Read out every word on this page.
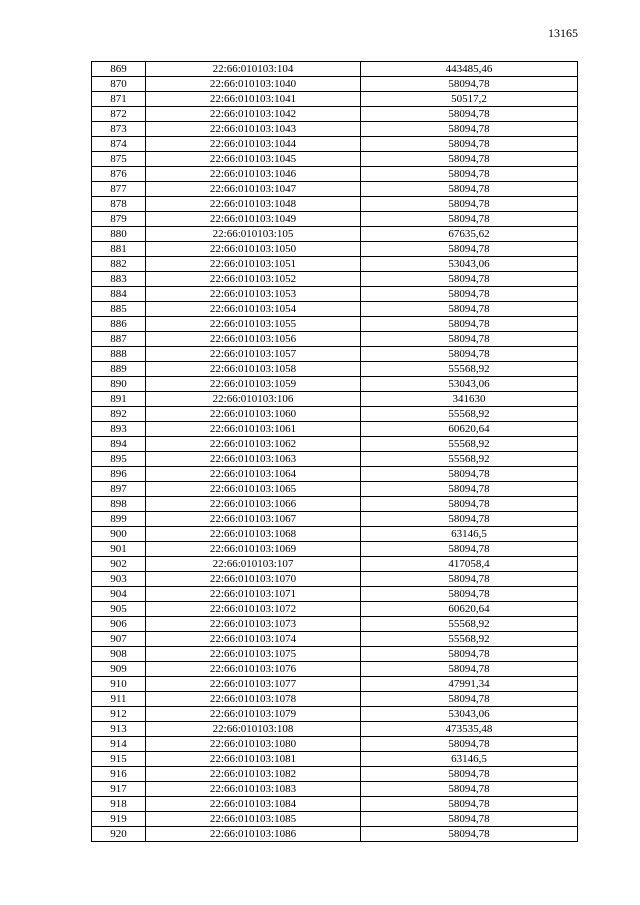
13165
869	22:66:010103:104	443485,46
870	22:66:010103:1040	58094,78
871	22:66:010103:1041	50517,2
872	22:66:010103:1042	58094,78
873	22:66:010103:1043	58094,78
874	22:66:010103:1044	58094,78
875	22:66:010103:1045	58094,78
876	22:66:010103:1046	58094,78
877	22:66:010103:1047	58094,78
878	22:66:010103:1048	58094,78
879	22:66:010103:1049	58094,78
880	22:66:010103:105	67635,62
881	22:66:010103:1050	58094,78
882	22:66:010103:1051	53043,06
883	22:66:010103:1052	58094,78
884	22:66:010103:1053	58094,78
885	22:66:010103:1054	58094,78
886	22:66:010103:1055	58094,78
887	22:66:010103:1056	58094,78
888	22:66:010103:1057	58094,78
889	22:66:010103:1058	55568,92
890	22:66:010103:1059	53043,06
891	22:66:010103:106	341630
892	22:66:010103:1060	55568,92
893	22:66:010103:1061	60620,64
894	22:66:010103:1062	55568,92
895	22:66:010103:1063	55568,92
896	22:66:010103:1064	58094,78
897	22:66:010103:1065	58094,78
898	22:66:010103:1066	58094,78
899	22:66:010103:1067	58094,78
900	22:66:010103:1068	63146,5
901	22:66:010103:1069	58094,78
902	22:66:010103:107	417058,4
903	22:66:010103:1070	58094,78
904	22:66:010103:1071	58094,78
905	22:66:010103:1072	60620,64
906	22:66:010103:1073	55568,92
907	22:66:010103:1074	55568,92
908	22:66:010103:1075	58094,78
909	22:66:010103:1076	58094,78
910	22:66:010103:1077	47991,34
911	22:66:010103:1078	58094,78
912	22:66:010103:1079	53043,06
913	22:66:010103:108	473535,48
914	22:66:010103:1080	58094,78
915	22:66:010103:1081	63146,5
916	22:66:010103:1082	58094,78
917	22:66:010103:1083	58094,78
918	22:66:010103:1084	58094,78
919	22:66:010103:1085	58094,78
920	22:66:010103:1086	58094,78
